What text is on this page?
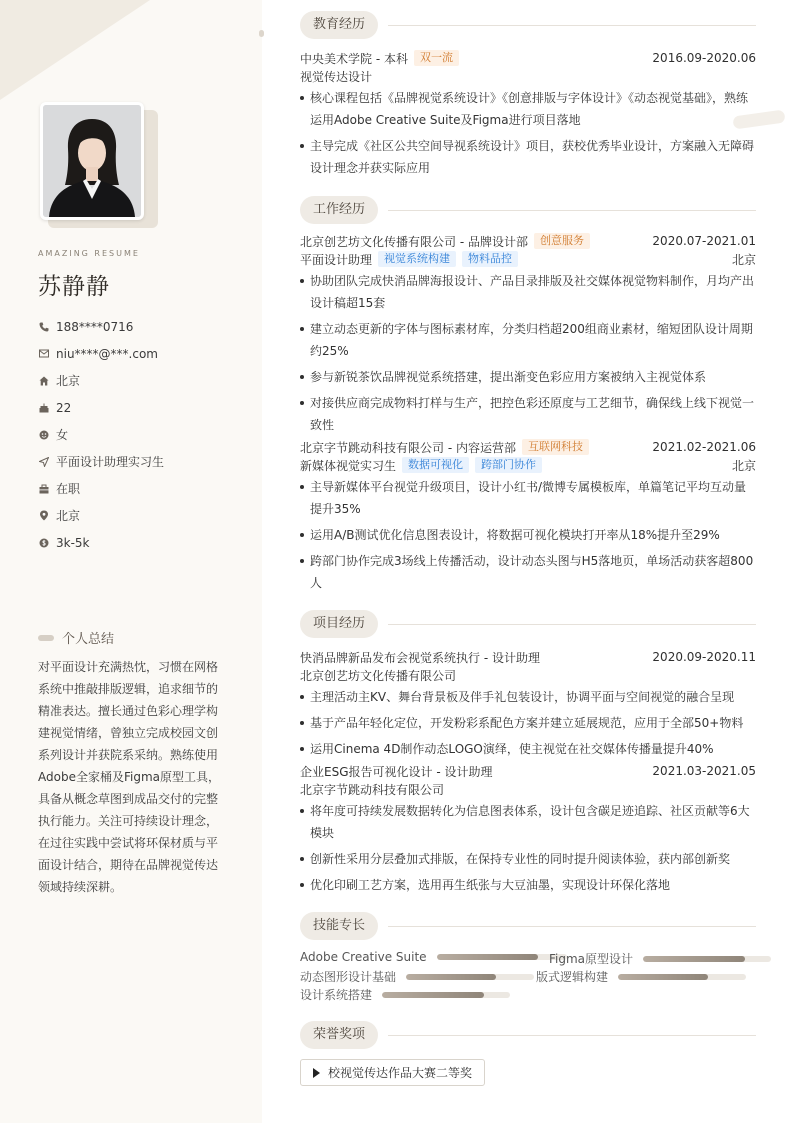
AMAZING RESUME
苏静静
188****0716
niu****@***.com
北京
22
女
平面设计助理实习生
在职
北京
3k-5k
个人总结
对平面设计充满热忱，习惯在网格系统中推敲排版逻辑，追求细节的精准表达。擅长通过色彩心理学构建视觉情绪，曾独立完成校园文创系列设计并获院系采纳。熟练使用Adobe全家桶及Figma原型工具，具备从概念草图到成品交付的完整执行能力。关注可持续设计理念，在过往实践中尝试将环保材质与平面设计结合，期待在品牌视觉传达领域持续深耕。
教育经历
中央美术学院 - 本科	双一流	2016.09-2020.06
视觉传达设计
核心课程包括《品牌视觉系统设计》《创意排版与字体设计》《动态视觉基础》，熟练运用Adobe Creative Suite及Figma进行项目落地
主导完成《社区公共空间导视系统设计》项目，获校优秀毕业设计，方案融入无障碍设计理念并获实际应用
工作经历
北京创艺坊文化传播有限公司 - 品牌设计部	创意服务	2020.07-2021.01
平面设计助理	视觉系统构建	物料品控	北京
协助团队完成快消品牌海报设计、产品目录排版及社交媒体视觉物料制作，月均产出设计稿超15套
建立动态更新的字体与图标素材库，分类归档超200组商业素材，缩短团队设计周期约25%
参与新锐茶饮品牌视觉系统搭建，提出渐变色彩应用方案被纳入主视觉体系
对接供应商完成物料打样与生产，把控色彩还原度与工艺细节，确保线上线下视觉一致性
北京字节跳动科技有限公司 - 内容运营部	互联网科技	2021.02-2021.06
新媒体视觉实习生	数据可视化	跨部门协作	北京
主导新媒体平台视觉升级项目，设计小红书/微博专属模板库，单篇笔记平均互动量提升35%
运用A/B测试优化信息图表设计，将数据可视化模块打开率从18%提升至29%
跨部门协作完成3场线上传播活动，设计动态头图与H5落地页，单场活动获客超800人
项目经历
快消品牌新品发布会视觉系统执行 - 设计助理	2020.09-2020.11
北京创艺坊文化传播有限公司
主理活动主KV、舞台背景板及伴手礼包装设计，协调平面与空间视觉的融合呈现
基于产品年轻化定位，开发粉彩系配色方案并建立延展规范，应用于全部50+物料
运用Cinema 4D制作动态LOGO演绎，使主视觉在社交媒体传播量提升40%
企业ESG报告可视化设计 - 设计助理	2021.03-2021.05
北京字节跳动科技有限公司
将年度可持续发展数据转化为信息图表体系，设计包含碳足迹追踪、社区贡献等6大模块
创新性采用分层叠加式排版，在保持专业性的同时提升阅读体验，获内部创新奖
优化印刷工艺方案，选用再生纸张与大豆油墨，实现设计环保化落地
技能专长
Adobe Creative Suite	Figma原型设计
动态图形设计基础	版式逻辑构建
设计系统搭建
荣誉奖项
校视觉传达作品大赛二等奖
